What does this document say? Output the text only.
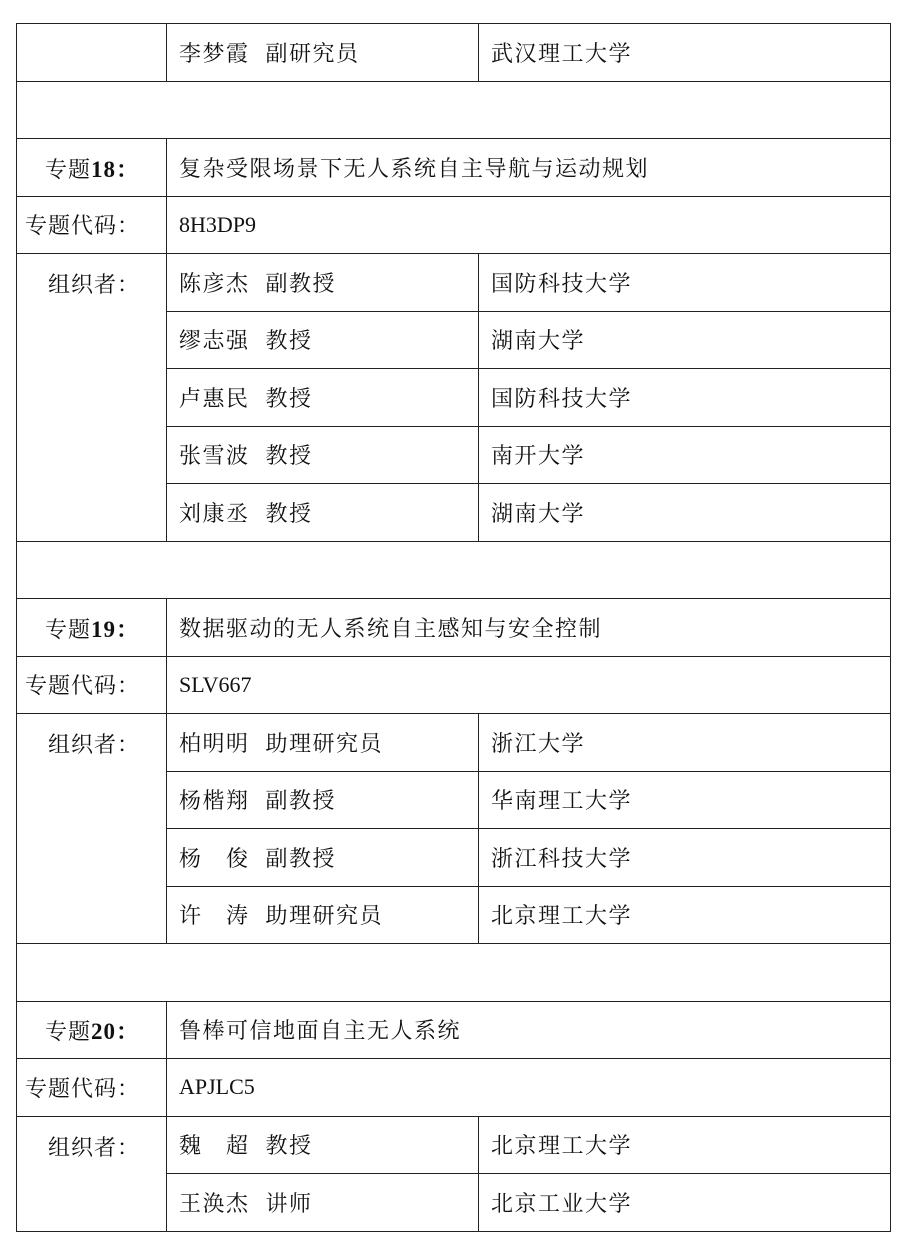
	李梦霞 副研究员	武汉理工大学

专题18：	复杂受限场景下无人系统自主导航与运动规划	
专题代码：	8H3DP9	
组织者：	陈彦杰 副教授	国防科技大学
	缪志强 教授	湖南大学
	卢惠民 教授	国防科技大学
	张雪波 教授	南开大学
	刘康丞 教授	湖南大学

专题19：	数据驱动的无人系统自主感知与安全控制	
专题代码：	SLV667	
组织者：	柏明明 助理研究员	浙江大学
	杨楷翔 副教授	华南理工大学
	杨　俊 副教授	浙江科技大学
	许　涛 助理研究员	北京理工大学

专题20：	鲁棒可信地面自主无人系统	
专题代码：	APJLC5	
组织者：	魏　超 教授	北京理工大学
	王涣杰 讲师	北京工业大学
